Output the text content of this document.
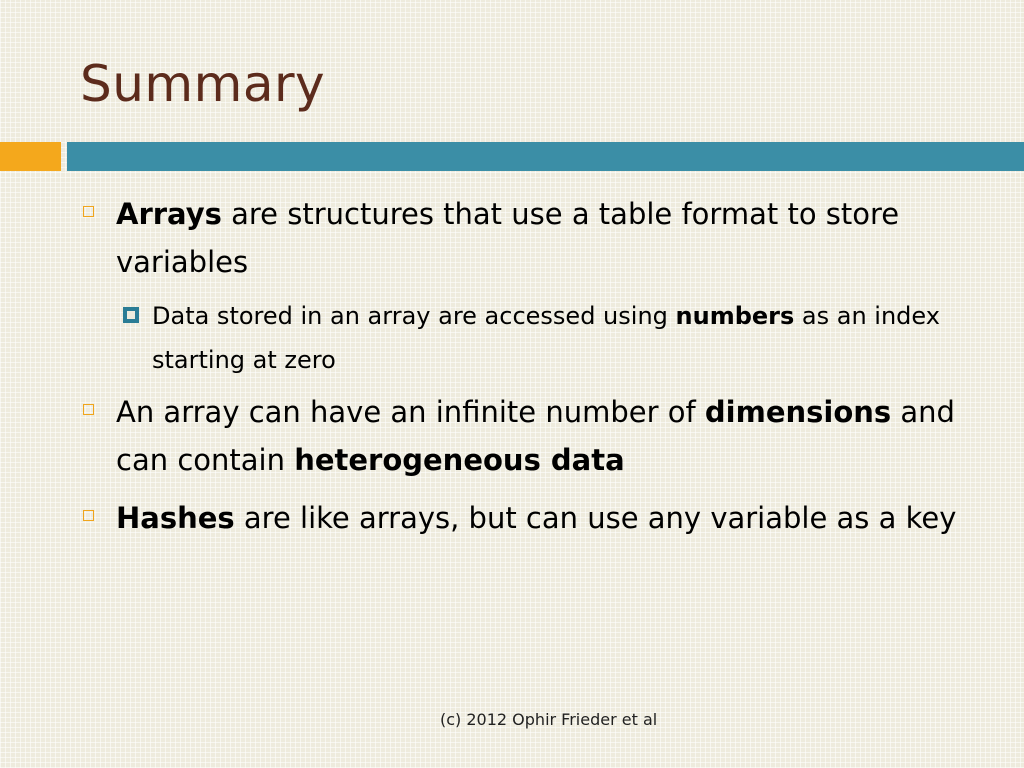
Summary
Arrays are structures that use a table format to store variables
Data stored in an array are accessed using numbers as an index starting at zero
An array can have an infinite number of dimensions and can contain heterogeneous data
Hashes are like arrays, but can use any variable as a key
(c) 2012 Ophir Frieder et al
